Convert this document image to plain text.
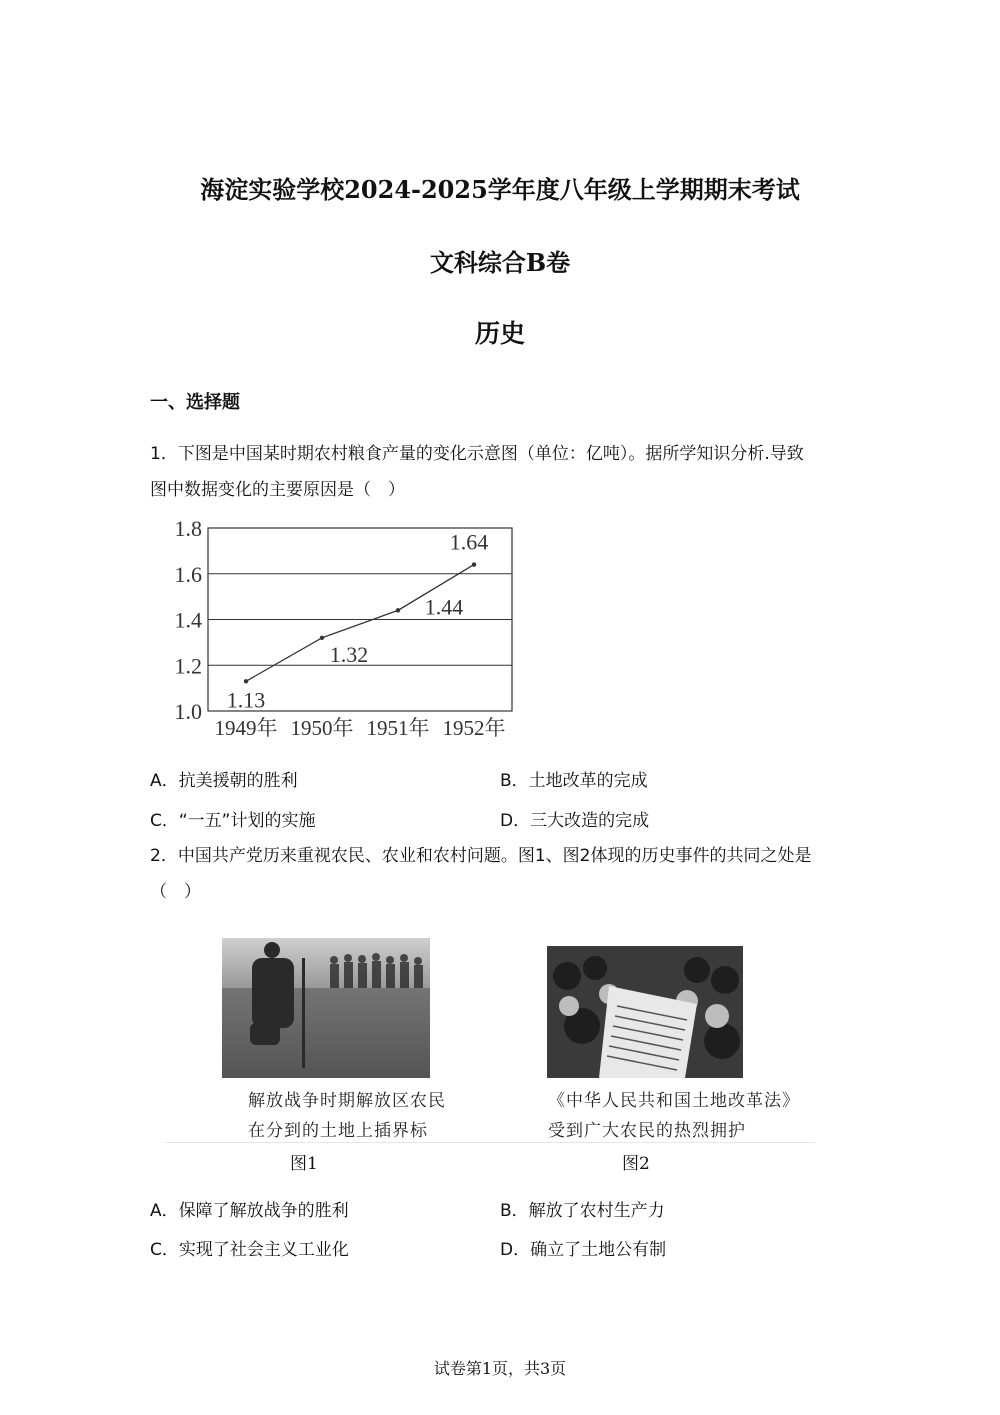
海淀实验学校2024-2025学年度八年级上学期期末考试
文科综合B卷
历史
一、选择题
1．下图是中国某时期农村粮食产量的变化示意图（单位：亿吨）。据所学知识分析.导致
图中数据变化的主要原因是（　）
1.0
1.2
1.4
1.6
1.8
1949年 1950年 1951年 1952年
1.13
1.32
1.44
1.64
A．抗美援朝的胜利	B．土地改革的完成
C．“一五”计划的实施	D．三大改造的完成
2．中国共产党历来重视农民、农业和农村问题。图1、图2体现的历史事件的共同之处是
（　）
解放战争时期解放区农民
在分到的土地上插界标
《中华人民共和国土地改革法》
受到广大农民的热烈拥护
图1	图2
A．保障了解放战争的胜利	B．解放了农村生产力
C．实现了社会主义工业化	D．确立了土地公有制
试卷第1页，共3页
